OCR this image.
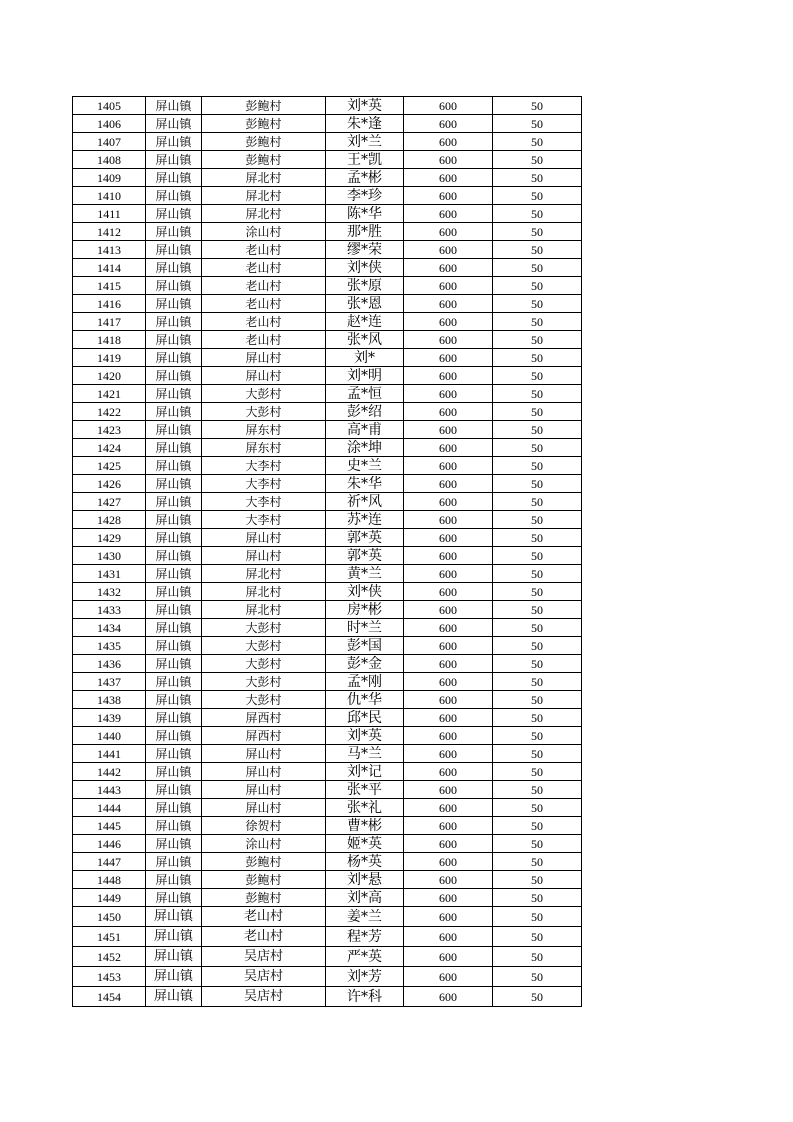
1405	屏山镇	彭鲍村	刘*英	600	50
1406	屏山镇	彭鲍村	朱*逢	600	50
1407	屏山镇	彭鲍村	刘*兰	600	50
1408	屏山镇	彭鲍村	王*凯	600	50
1409	屏山镇	屏北村	孟*彬	600	50
1410	屏山镇	屏北村	李*珍	600	50
1411	屏山镇	屏北村	陈*华	600	50
1412	屏山镇	涂山村	那*胜	600	50
1413	屏山镇	老山村	缪*荣	600	50
1414	屏山镇	老山村	刘*侠	600	50
1415	屏山镇	老山村	张*原	600	50
1416	屏山镇	老山村	张*恩	600	50
1417	屏山镇	老山村	赵*连	600	50
1418	屏山镇	老山村	张*风	600	50
1419	屏山镇	屏山村	刘*	600	50
1420	屏山镇	屏山村	刘*明	600	50
1421	屏山镇	大彭村	孟*恒	600	50
1422	屏山镇	大彭村	彭*绍	600	50
1423	屏山镇	屏东村	高*甫	600	50
1424	屏山镇	屏东村	涂*坤	600	50
1425	屏山镇	大李村	史*兰	600	50
1426	屏山镇	大李村	朱*华	600	50
1427	屏山镇	大李村	祈*风	600	50
1428	屏山镇	大李村	苏*连	600	50
1429	屏山镇	屏山村	郭*英	600	50
1430	屏山镇	屏山村	郭*英	600	50
1431	屏山镇	屏北村	黄*兰	600	50
1432	屏山镇	屏北村	刘*侠	600	50
1433	屏山镇	屏北村	房*彬	600	50
1434	屏山镇	大彭村	时*兰	600	50
1435	屏山镇	大彭村	彭*国	600	50
1436	屏山镇	大彭村	彭*金	600	50
1437	屏山镇	大彭村	孟*刚	600	50
1438	屏山镇	大彭村	仇*华	600	50
1439	屏山镇	屏西村	邱*民	600	50
1440	屏山镇	屏西村	刘*英	600	50
1441	屏山镇	屏山村	马*兰	600	50
1442	屏山镇	屏山村	刘*记	600	50
1443	屏山镇	屏山村	张*平	600	50
1444	屏山镇	屏山村	张*礼	600	50
1445	屏山镇	徐贺村	曹*彬	600	50
1446	屏山镇	涂山村	姬*英	600	50
1447	屏山镇	彭鲍村	杨*英	600	50
1448	屏山镇	彭鲍村	刘*悬	600	50
1449	屏山镇	彭鲍村	刘*高	600	50
1450	屏山镇	老山村	姜*兰	600	50
1451	屏山镇	老山村	程*芳	600	50
1452	屏山镇	吴店村	严*英	600	50
1453	屏山镇	吴店村	刘*芳	600	50
1454	屏山镇	吴店村	许*科	600	50
